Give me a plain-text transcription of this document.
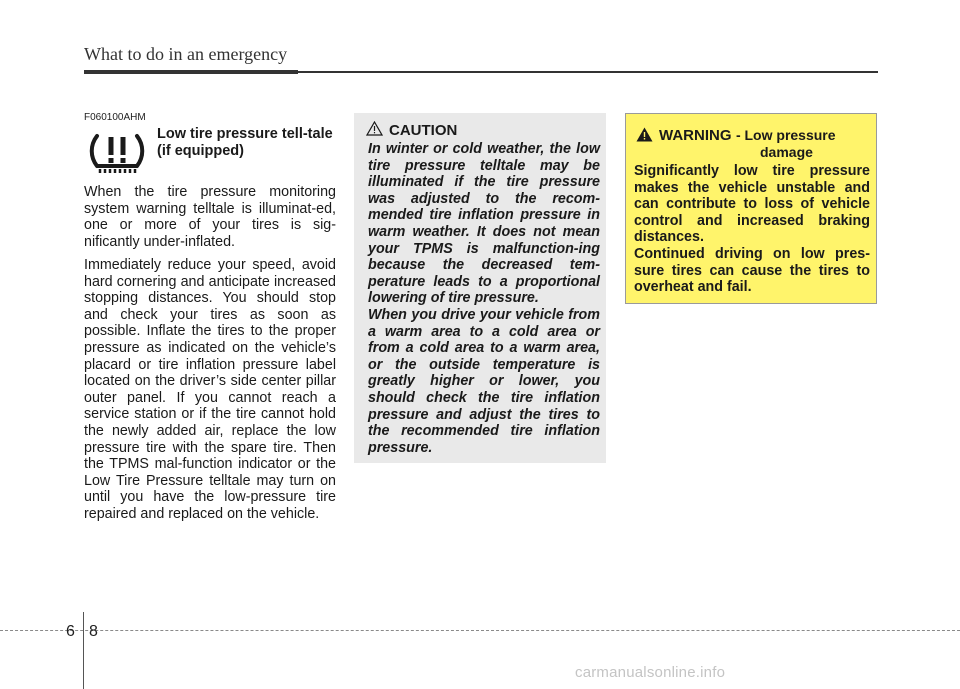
What to do in an emergency
F060100AHM
Low tire pressure tell-tale (if equipped)
When the tire pressure monitoring system warning telltale is illuminat-ed, one or more of your tires is sig-nificantly under-inflated.
Immediately reduce your speed, avoid hard cornering and anticipate increased stopping distances. You should stop and check your tires as soon as possible. Inflate the tires to the proper pressure as indicated on the vehicle’s placard or tire inflation pressure label located on the driver’s side center pillar outer panel. If you cannot reach a service station or if the tire cannot hold the newly added air, replace the low pressure tire with the spare tire. Then the TPMS mal-function indicator or the Low Tire Pressure telltale may turn on until you have the low-pressure tire repaired and replaced on the vehicle.
CAUTION
In winter or cold weather, the low tire pressure telltale may be illuminated if the tire pressure was adjusted to the recom-mended tire inflation pressure in warm weather. It does not mean your TPMS is malfunction-ing because the decreased tem-perature leads to a proportional lowering of tire pressure.
When you drive your vehicle from a warm area to a cold area or from a cold area to a warm area, or the outside temperature is greatly higher or lower, you should check the tire inflation pressure and adjust the tires to the recommended tire inflation pressure.
WARNING - Low pressure
damage
Significantly low tire pressure makes the vehicle unstable and can contribute to loss of vehicle control and increased braking distances.
Continued driving on low pres-sure tires can cause the tires to overheat and fail.
6 8
carmanualsonline.info
